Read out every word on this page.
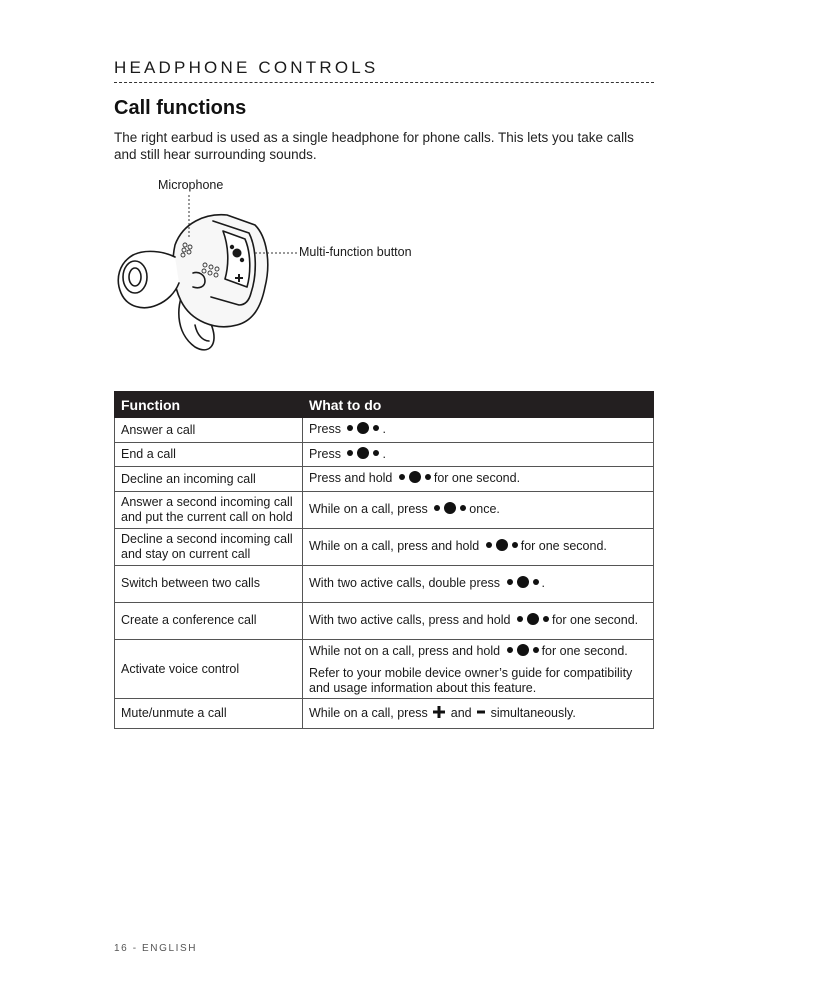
HEADPHONE CONTROLS
Call functions

The right earbud is used as a single headphone for phone calls. This lets you take calls and still hear surrounding sounds.

Microphone
Multi-function button
Function	What to do
Answer a call	Press .
End a call	Press .
Decline an incoming call	Press and hold for one second.
Answer a second incoming call and put the current call on hold	While on a call, press once.
Decline a second incoming call and stay on current call	While on a call, press and hold for one second.
Switch between two calls	With two active calls, double press .
Create a conference call	With two active calls, press and hold for one second.
Activate voice control	While not on a call, press and hold for one second.
Refer to your mobile device owner’s guide for compatibility and usage information about this feature.

Mute/unmute a call	While on a call, press and simultaneously.
16 - ENGLISH
